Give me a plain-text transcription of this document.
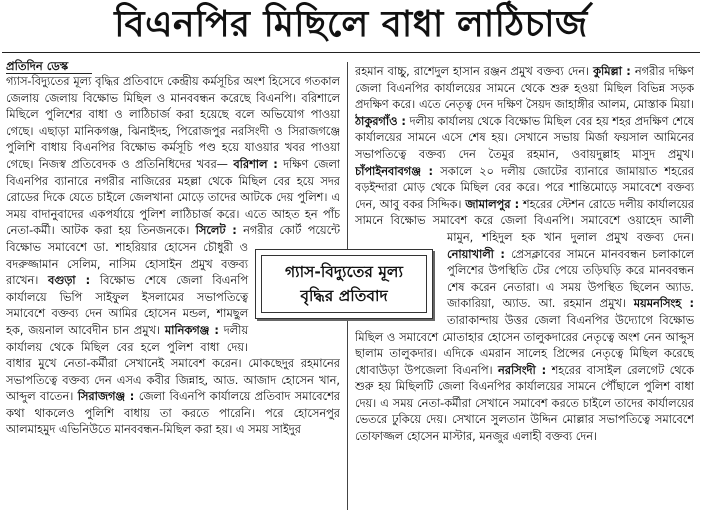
বিএনপির মিছিলে বাধা লাঠিচার্জ
প্রতিদিন ডেস্ক

গ্যাস-বিদ্যুতের মূল্য বৃদ্ধির প্রতিবাদে কেন্দ্রীয় কর্মসূচির অংশ হিসেবে গতকাল জেলায় জেলায় বিক্ষোভ মিছিল ও মানববন্ধন করেছে বিএনপি। বরিশালে মিছিলে পুলিশের বাধা ও লাঠিচার্জ করা হয়েছে বলে অভিযোগ পাওয়া গেছে। এছাড়া মানিকগঞ্জ, ঝিনাইদহ, পিরোজপুর নরসিংদী ও সিরাজগঞ্জে পুলিশি বাধায় বিএনপির বিক্ষোভ কর্মসূচি পণ্ড হয়ে যাওয়ার খবর পাওয়া গেছে। নিজস্ব প্রতিবেদক ও প্রতিনিধিদের খবর— বরিশাল : দক্ষিণ জেলা বিএনপির ব্যানারে নগরীর নাজিরের মহল্লা থেকে মিছিল বের হয়ে সদর রোডের দিকে যেতে চাইলে জেলখানা মোড়ে তাদের আটকে দেয় পুলিশ। এ সময় বাদানুবাদের একপর্যায়ে পুলিশ লাঠিচার্জ করে। এতে আহত হন পাঁচ নেতা-কর্মী। আটক করা হয় তিনজনকে। সিলেট : নগরীর কোর্ট পয়েন্টে বিক্ষোভ সমাবেশে ডা. শাহরিয়ার হোসেন চৌধুরী ও বদরুজ্জামান সেলিম, নাসিম হোসাইন প্রমুখ বক্তব্য রাখেন। বগুড়া : বিক্ষোভ শেষে জেলা বিএনপি কার্যালয়ে ভিপি সাইফুল ইসলামের সভাপতিত্বে সমাবেশে বক্তব্য দেন আমির হোসেন মন্ডল, শামছুল হক, জয়নাল আবেদীন চান প্রমুখ। মানিকগঞ্জ : দলীয় কার্যালয় থেকে মিছিল বের হলে পুলিশ বাধা দেয়। বাধার মুখে নেতা-কর্মীরা সেখানেই সমাবেশ করেন। মোকছেদুর রহমানের সভাপতিত্বে বক্তব্য দেন এসএ কবীর জিন্নাহ, আড. আজাদ হোসেন খান, আব্দুল বাতেন। সিরাজগঞ্জ : জেলা বিএনপি কার্যালয়ে প্রতিবাদ সমাবেশের কথা থাকলেও পুলিশি বাধায় তা করতে পারেনি। পরে হোসেনপুর আলমাহমুদ এভিনিউতে মানববন্ধন-মিছিল করা হয়। এ সময় সাইদুর

রহমান বাচ্চু, রাশেদুল হাসান রঞ্জন প্রমুখ বক্তব্য দেন। কুমিল্লা : নগরীর দক্ষিণ জেলা বিএনপির কার্যালয়ের সামনে থেকে শুরু হওয়া মিছিল বিভিন্ন সড়ক প্রদক্ষিণ করে। এতে নেতৃত্ব দেন দক্ষিণ সৈয়দ জাহাঙ্গীর আলম, মোস্তাক মিয়া। ঠাকুরগাঁও : দলীয় কার্যালয় থেকে বিক্ষোভ মিছিল বের হয় শহর প্রদক্ষিণ শেষে কার্যালয়ের সামনে এসে শেষ হয়। সেখানে সভায় মির্জা ফয়সাল আমিনের সভাপতিত্বে বক্তব্য দেন তৈমুর রহমান, ওবায়দুল্লাহ মাসুদ প্রমুখ। চাঁপাইনবাবগঞ্জ : সকালে ২০ দলীয় জোটের ব্যানারে জামায়াত শহরের বড়ইন্দারা মোড় থেকে মিছিল বের করে। পরে শান্তিমোড়ে সমাবেশে বক্তব্য দেন, আবু বকর সিদ্দিক। জামালপুর : শহরের স্টেশন রোডে দলীয় কার্যালয়ের সামনে বিক্ষোভ সমাবেশ করে জেলা বিএনপি। সমাবেশে ওয়াহেদ আলী মামুন, শহিদুল হক খান দুলাল প্রমুখ বক্তব্য দেন। নোয়াখালী : প্রেসক্লাবের সামনে মানববন্ধন চলাকালে পুলিশের উপস্থিতি টের পেয়ে তড়িঘড়ি করে মানববন্ধন শেষ করেন নেতারা। এ সময় উপস্থিত ছিলেন অ্যাড. জাকারিয়া, অ্যাড. আ. রহমান প্রমুখ। ময়মনসিংহ : তারাকান্দায় উত্তর জেলা বিএনপির উদ্যোগে বিক্ষোভ মিছিল ও সমাবেশে মোতাহার হোসেন তালুকদারের নেতৃত্বে অংশ নেন আব্দুস ছালাম তালুকদার। এদিকে এমরান সালেহ প্রিন্সের নেতৃত্বে মিছিল করেছে ধোবাউড়া উপজেলা বিএনপি। নরসিংদী : শহরের বাসাইল রেলগেট থেকে শুরু হয় মিছিলটি জেলা বিএনপির কার্যালয়ের সামনে পৌঁছালে পুলিশ বাধা দেয়। এ সময় নেতা-কর্মীরা সেখানে সমাবেশ করতে চাইলে তাদের কার্যালয়ের ভেতরে ঢুকিয়ে দেয়। সেখানে সুলতান উদ্দিন মোল্লার সভাপতিত্বে সমাবেশে তোফাজ্জল হোসেন মাস্টার, মনজুর এলাহী বক্তব্য দেন।

গ্যাস-বিদ্যুতের মূল্য
বৃদ্ধির প্রতিবাদ
